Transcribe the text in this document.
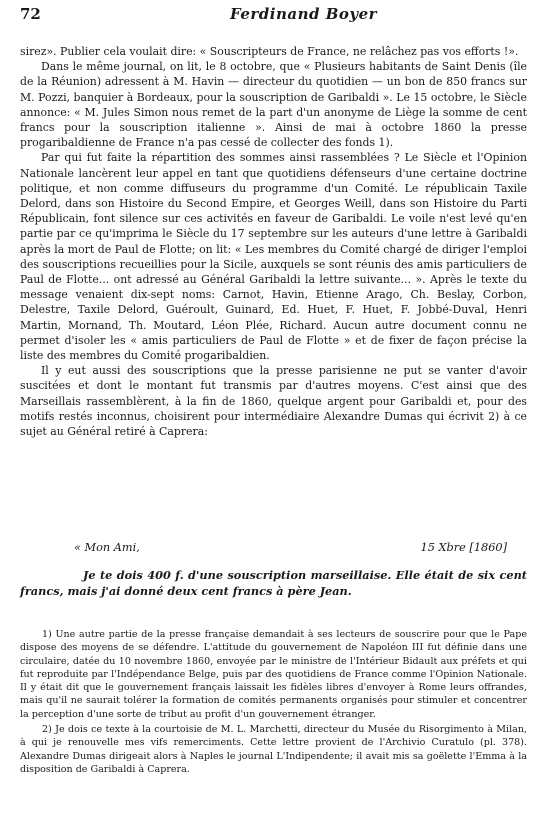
72	Ferdinand Boyer

sirez». Publier cela voulait dire: « Souscripteurs de France, ne relâchez pas vos efforts !».

Dans le même journal, on lit, le 8 octobre, que « Plusieurs habitants de Saint Denis (île de la Réunion) adressent à M. Havin — directeur du quotidien — un bon de 850 francs sur M. Pozzi, banquier à Bordeaux, pour la souscription de Garibaldi ». Le 15 octobre, le Siècle annonce: « M. Jules Simon nous remet de la part d'un anonyme de Liège la somme de cent francs pour la souscription italienne ». Ainsi de mai à octobre 1860 la presse progaribaldienne de France n'a pas cessé de collecter des fonds 1).

Par qui fut faite la répartition des sommes ainsi rassemblées ? Le Siècle et l'Opinion Nationale lancèrent leur appel en tant que quotidiens défenseurs d'une certaine doctrine politique, et non comme diffuseurs du programme d'un Comité. Le républicain Taxile Delord, dans son Histoire du Second Empire, et Georges Weill, dans son Histoire du Parti Républicain, font silence sur ces activités en faveur de Garibaldi. Le voile n'est levé qu'en partie par ce qu'imprima le Siècle du 17 septembre sur les auteurs d'une lettre à Garibaldi après la mort de Paul de Flotte; on lit: « Les membres du Comité chargé de diriger l'emploi des souscriptions recueillies pour la Sicile, auxquels se sont réunis des amis particuliers de Paul de Flotte... ont adressé au Général Garibaldi la lettre suivante... ». Après le texte du message venaient dix-sept noms: Carnot, Havin, Etienne Arago, Ch. Beslay, Corbon, Delestre, Taxile Delord, Guéroult, Guinard, Ed. Huet, F. Huet, F. Jobbé-Duval, Henri Martin, Mornand, Th. Moutard, Léon Plée, Richard. Aucun autre document connu ne permet d'isoler les « amis particuliers de Paul de Flotte » et de fixer de façon précise la liste des membres du Comité progaribaldien.

Il y eut aussi des souscriptions que la presse parisienne ne put se vanter d'avoir suscitées et dont le montant fut transmis par d'autres moyens. C'est ainsi que des Marseillais rassemblèrent, à la fin de 1860, quelque argent pour Garibaldi et, pour des motifs restés inconnus, choisirent pour intermédiaire Alexandre Dumas qui écrivit 2) à ce sujet au Général retiré à Caprera:

« Mon Ami,	15 Xbre [1860]
Je te dois 400 f. d'une souscription marseillaise. Elle était de six cent francs, mais j'ai donné deux cent francs à père Jean.

1) Une autre partie de la presse française demandait à ses lecteurs de souscrire pour que le Pape dispose des moyens de se défendre. L'attitude du gouvernement de Napoléon III fut définie dans une circulaire, datée du 10 novembre 1860, envoyée par le ministre de l'Intérieur Bidault aux préfets et qui fut reproduite par l'Indépendance Belge, puis par des quotidiens de France comme l'Opinion Nationale. Il y était dit que le gouvernement français laissait les fidèles libres d'envoyer à Rome leurs offrandes, mais qu'il ne saurait tolérer la formation de comités permanents organisés pour stimuler et concentrer la perception d'une sorte de tribut au profit d'un gouvernement étranger.

2) Je dois ce texte à la courtoisie de M. L. Marchetti, directeur du Musée du Risorgimento à Milan, à qui je renouvelle mes vifs remerciments. Cette lettre provient de l'Archivio Curatulo (pl. 378). Alexandre Dumas dirigeait alors à Naples le journal L'Indipendente; il avait mis sa goëlette l'Emma à la disposition de Garibaldi à Caprera.
